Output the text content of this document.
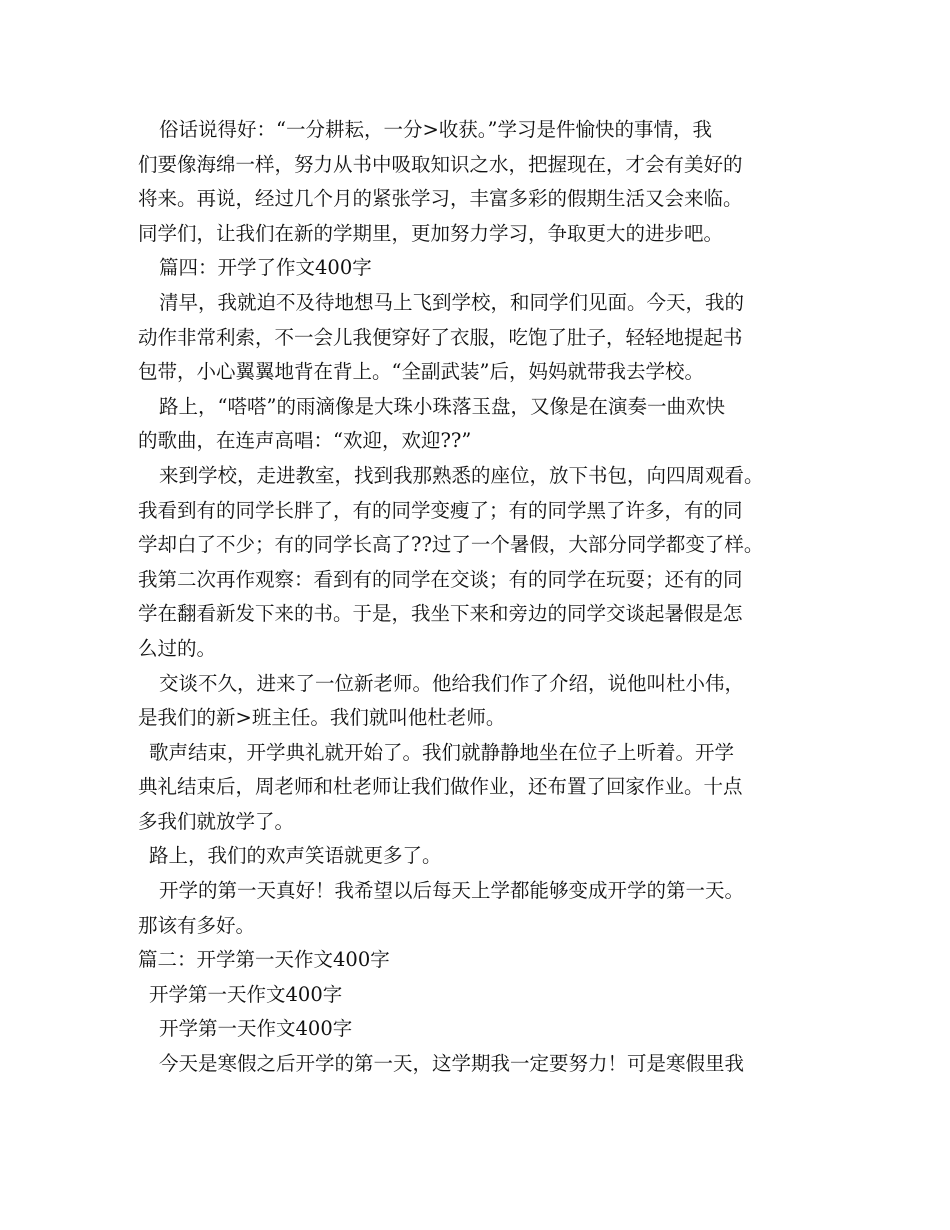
俗话说得好：“一分耕耘，一分>收获。”学习是件愉快的事情，我
们要像海绵一样，努力从书中吸取知识之水，把握现在，才会有美好的
将来。再说，经过几个月的紧张学习，丰富多彩的假期生活又会来临。
同学们，让我们在新的学期里，更加努力学习，争取更大的进步吧。
篇四：开学了作文400字
清早，我就迫不及待地想马上飞到学校，和同学们见面。今天，我的
动作非常利索，不一会儿我便穿好了衣服，吃饱了肚子，轻轻地提起书
包带，小心翼翼地背在背上。“全副武装”后，妈妈就带我去学校。
路上，“嗒嗒”的雨滴像是大珠小珠落玉盘，又像是在演奏一曲欢快
的歌曲，在连声高唱：“欢迎，欢迎??”
来到学校，走进教室，找到我那熟悉的座位，放下书包，向四周观看。
我看到有的同学长胖了，有的同学变瘦了；有的同学黑了许多，有的同
学却白了不少；有的同学长高了??过了一个暑假，大部分同学都变了样。
我第二次再作观察：看到有的同学在交谈；有的同学在玩耍；还有的同
学在翻看新发下来的书。于是，我坐下来和旁边的同学交谈起暑假是怎
么过的。
交谈不久，进来了一位新老师。他给我们作了介绍，说他叫杜小伟，
是我们的新>班主任。我们就叫他杜老师。
歌声结束，开学典礼就开始了。我们就静静地坐在位子上听着。开学
典礼结束后，周老师和杜老师让我们做作业，还布置了回家作业。十点
多我们就放学了。
路上，我们的欢声笑语就更多了。
开学的第一天真好！我希望以后每天上学都能够变成开学的第一天。
那该有多好。
篇二：开学第一天作文400字
开学第一天作文400字
开学第一天作文400字
今天是寒假之后开学的第一天，这学期我一定要努力！可是寒假里我
